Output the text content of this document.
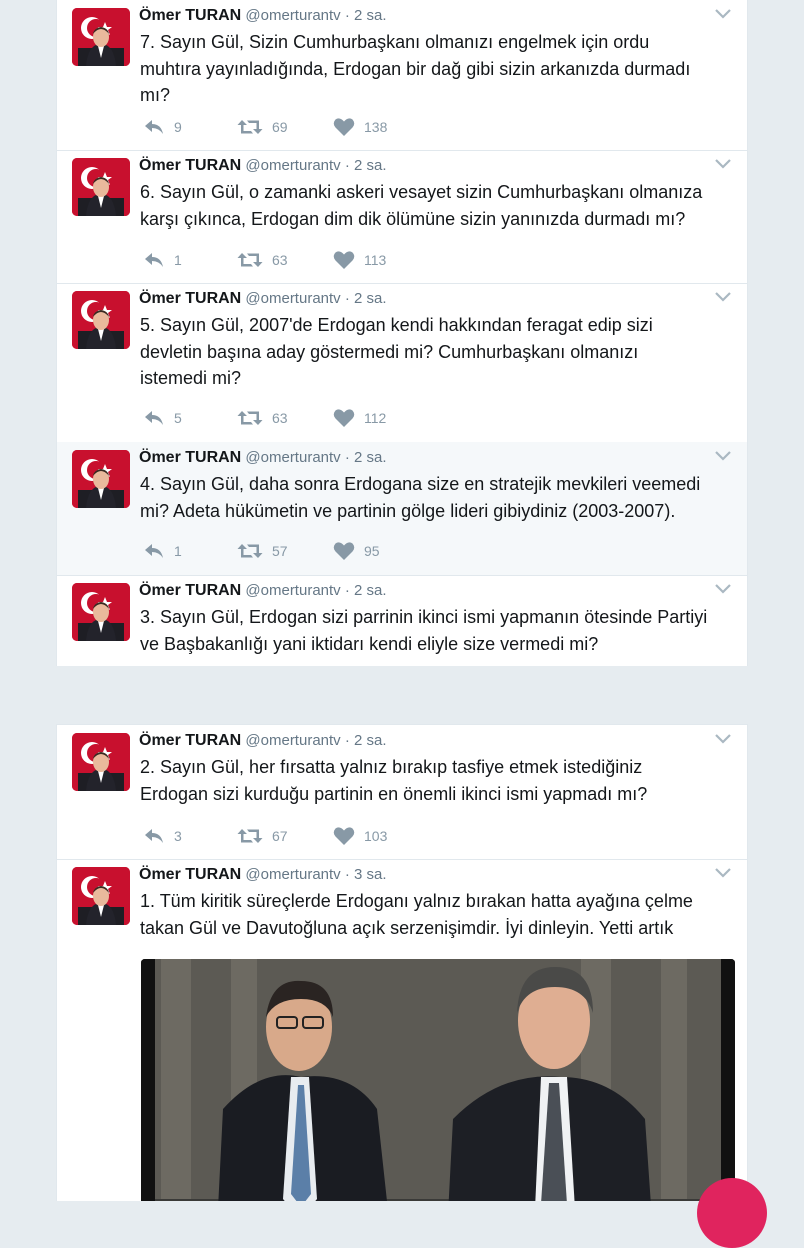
Ömer TURAN @omerturantv · 2 sa.
7. Sayın Gül, Sizin Cumhurbaşkanı olmanızı engelmek için ordu
muhtıra yayınladığında, Erdogan bir dağ gibi sizin arkanızda durmadı
mı?
9	69	138
Ömer TURAN @omerturantv · 2 sa.
6. Sayın Gül, o zamanki askeri vesayet sizin Cumhurbaşkanı olmanıza
karşı çıkınca, Erdogan dim dik ölümüne sizin yanınızda durmadı mı?
1	63	113
Ömer TURAN @omerturantv · 2 sa.
5. Sayın Gül, 2007'de Erdogan kendi hakkından feragat edip sizi
devletin başına aday göstermedi mi? Cumhurbaşkanı olmanızı
istemedi mi?
5	63	112
Ömer TURAN @omerturantv · 2 sa.
4. Sayın Gül, daha sonra Erdogana size en stratejik mevkileri veemedi
mi? Adeta hükümetin ve partinin gölge lideri gibiydiniz (2003-2007).
1	57	95
Ömer TURAN @omerturantv · 2 sa.
3. Sayın Gül, Erdogan sizi parrinin ikinci ismi yapmanın ötesinde Partiyi
ve Başbakanlığı yani iktidarı kendi eliyle size vermedi mi?
Ömer TURAN @omerturantv · 2 sa.
2. Sayın Gül, her fırsatta yalnız bırakıp tasfiye etmek istediğiniz
Erdogan sizi kurduğu partinin en önemli ikinci ismi yapmadı mı?
3	67	103
Ömer TURAN @omerturantv · 3 sa.
1. Tüm kiritik süreçlerde Erdoganı yalnız bırakan hatta ayağına çelme
takan Gül ve Davutoğluna açık serzenişimdir. İyi dinleyin. Yetti artık
